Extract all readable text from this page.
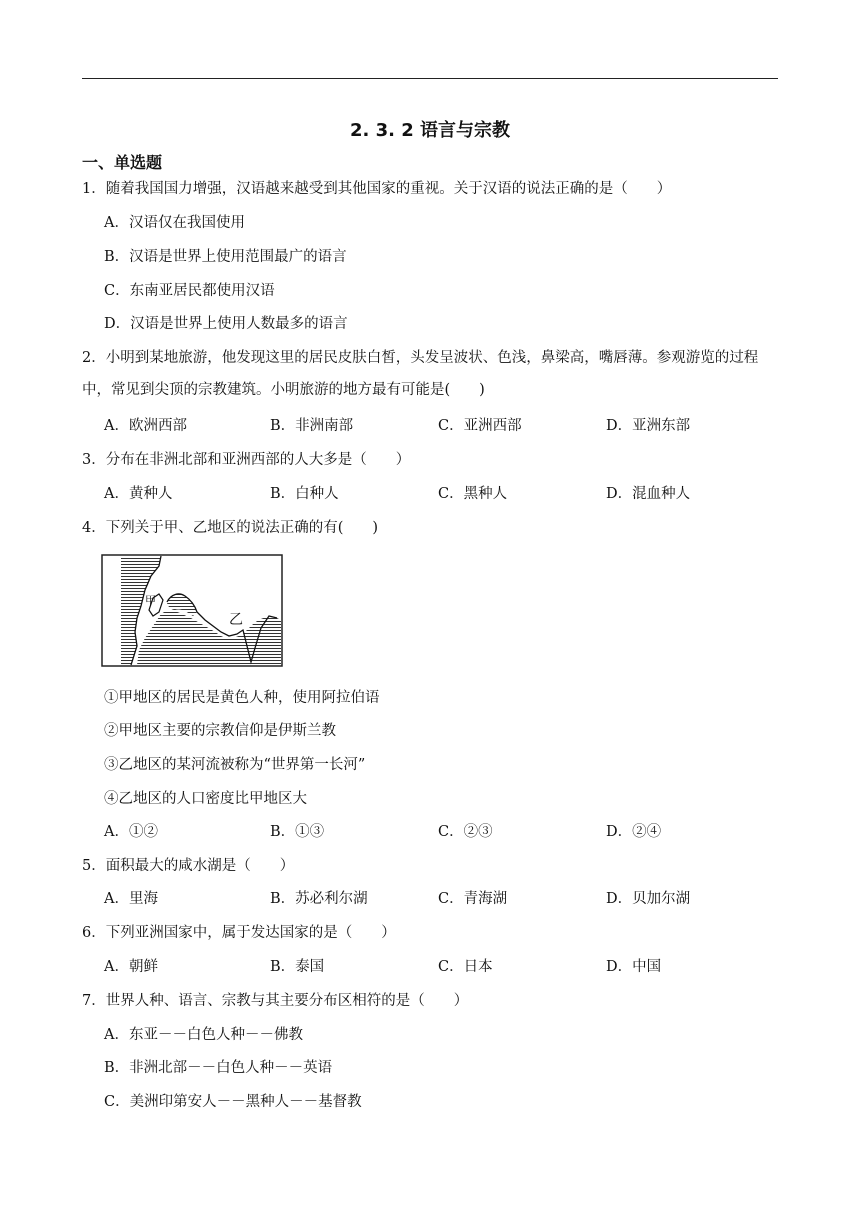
2. 3. 2 语言与宗教
一、单选题
1．随着我国国力增强，汉语越来越受到其他国家的重视。关于汉语的说法正确的是（　　）
A．汉语仅在我国使用
B．汉语是世界上使用范围最广的语言
C．东南亚居民都使用汉语
D．汉语是世界上使用人数最多的语言
2．小明到某地旅游，他发现这里的居民皮肤白皙，头发呈波状、色浅，鼻梁高，嘴唇薄。参观游览的过程中，常见到尖顶的宗教建筑。小明旅游的地方最有可能是(　　)
A．欧洲西部	B．非洲南部	C．亚洲西部	D．亚洲东部
3．分布在非洲北部和亚洲西部的人大多是（　　）
A．黄种人	B．白种人	C．黑种人	D．混血种人
4．下列关于甲、乙地区的说法正确的有(　　)
甲
乙
①甲地区的居民是黄色人种，使用阿拉伯语
②甲地区主要的宗教信仰是伊斯兰教
③乙地区的某河流被称为“世界第一长河”
④乙地区的人口密度比甲地区大
A．①②	B．①③	C．②③	D．②④
5．面积最大的咸水湖是（　　）
A．里海	B．苏必利尔湖	C．青海湖	D．贝加尔湖
6．下列亚洲国家中，属于发达国家的是（　　）
A．朝鲜	B．泰国	C．日本	D．中国
7．世界人种、语言、宗教与其主要分布区相符的是（　　）
A．东亚－－白色人种－－佛教
B．非洲北部－－白色人种－－英语
C．美洲印第安人－－黑种人－－基督教
